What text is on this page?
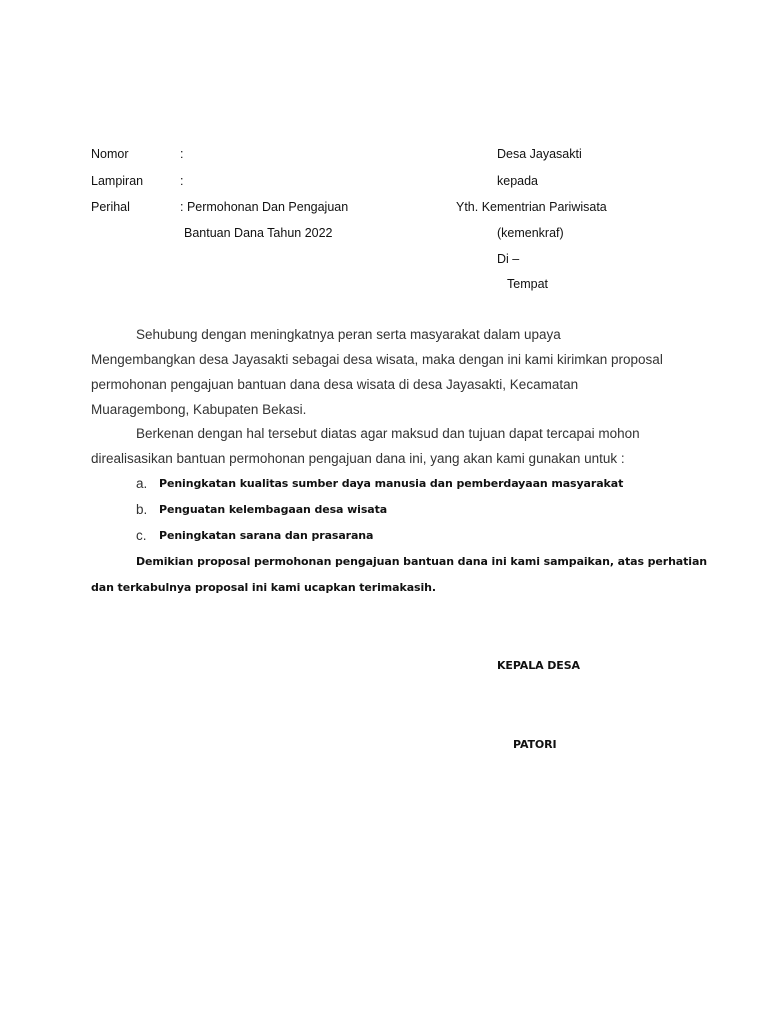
Nomor	:
Lampiran	:
Perihal	: Permohonan Dan Pengajuan
Bantuan Dana Tahun 2022
Desa Jayasakti
kepada
Yth. Kementrian Pariwisata
(kemenkraf)
Di –
Tempat
Sehubung dengan meningkatnya peran serta masyarakat dalam upaya
Mengembangkan desa Jayasakti sebagai desa wisata, maka dengan ini kami kirimkan proposal
permohonan pengajuan bantuan dana desa wisata di desa Jayasakti, Kecamatan
Muaragembong, Kabupaten Bekasi.
Berkenan dengan hal tersebut diatas agar maksud dan tujuan dapat tercapai mohon
direalisasikan bantuan permohonan pengajuan dana ini, yang akan kami gunakan untuk :
a. Peningkatan kualitas sumber daya manusia dan pemberdayaan masyarakat
b. Penguatan kelembagaan desa wisata
c. Peningkatan sarana dan prasarana
Demikian proposal permohonan pengajuan bantuan dana ini kami sampaikan, atas perhatian
dan terkabulnya proposal ini kami ucapkan terimakasih.
KEPALA DESA
PATORI
